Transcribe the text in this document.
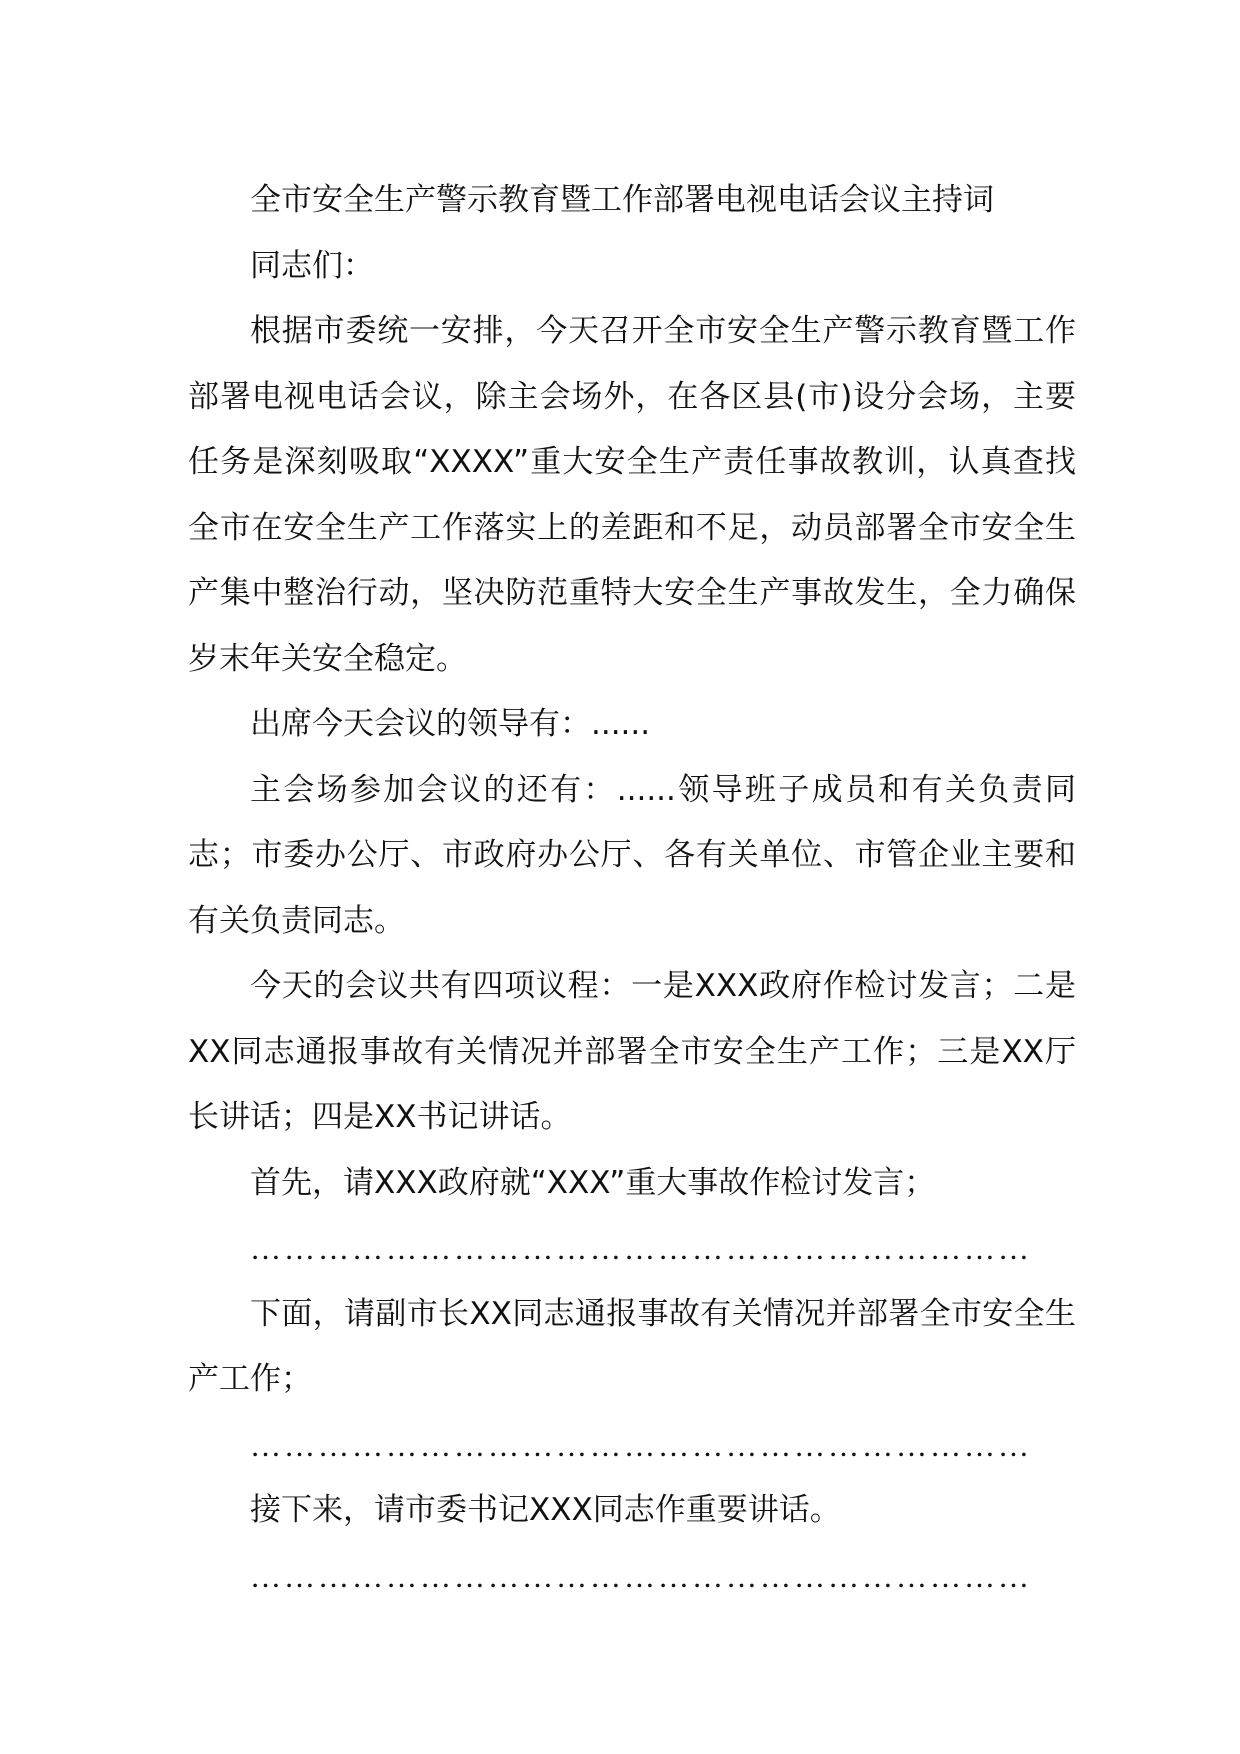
全市安全生产警示教育暨工作部署电视电话会议主持词

同志们：

根据市委统一安排，今天召开全市安全生产警示教育暨工作部署电视电话会议，除主会场外，在各区县(市)设分会场，主要任务是深刻吸取“XXXX”重大安全生产责任事故教训，认真查找全市在安全生产工作落实上的差距和不足，动员部署全市安全生产集中整治行动，坚决防范重特大安全生产事故发生，全力确保岁末年关安全稳定。

出席今天会议的领导有：......

主会场参加会议的还有：......领导班子成员和有关负责同志；市委办公厅、市政府办公厅、各有关单位、市管企业主要和有关负责同志。

今天的会议共有四项议程：一是XXX政府作检讨发言；二是XX同志通报事故有关情况并部署全市安全生产工作；三是XX厅长讲话；四是XX书记讲话。

首先，请XXX政府就“XXX”重大事故作检讨发言；

……………………………………………………………

下面，请副市长XX同志通报事故有关情况并部署全市安全生产工作；

……………………………………………………………

接下来，请市委书记XXX同志作重要讲话。

……………………………………………………………
